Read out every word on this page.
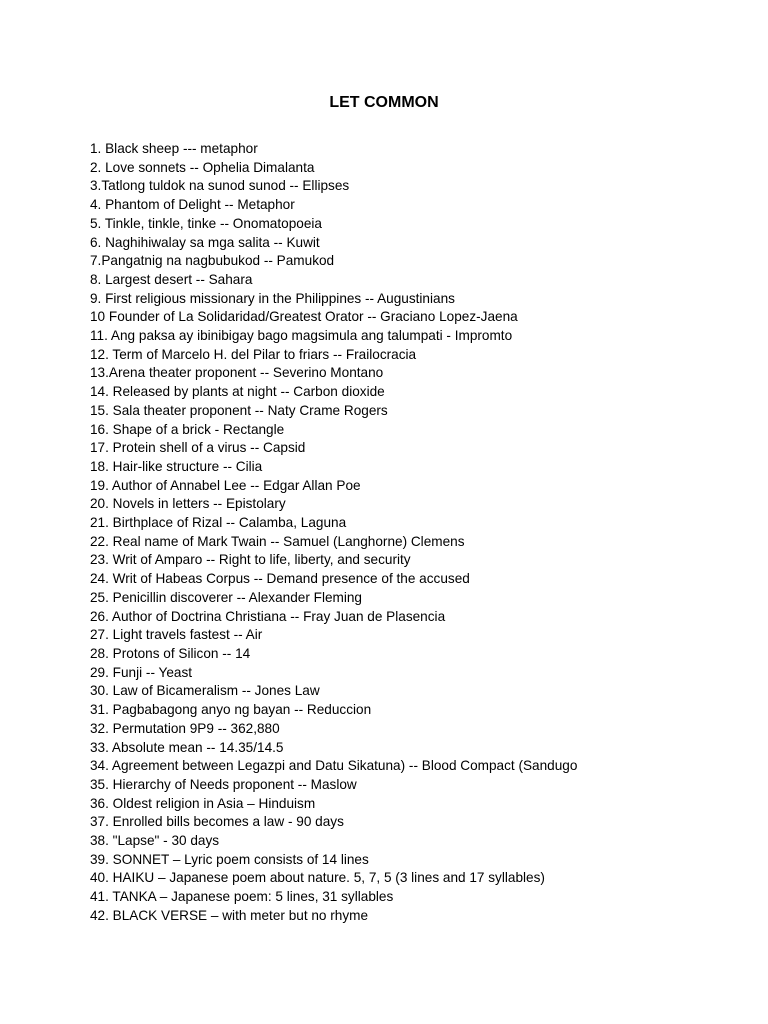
LET COMMON
1. Black sheep --- metaphor
2. Love sonnets -- Ophelia Dimalanta
3.Tatlong tuldok na sunod sunod -- Ellipses
4. Phantom of Delight -- Metaphor
5. Tinkle, tinkle, tinke -- Onomatopoeia
6. Naghihiwalay sa mga salita -- Kuwit
7.Pangatnig na nagbubukod -- Pamukod
8. Largest desert -- Sahara
9. First religious missionary in the Philippines -- Augustinians
10 Founder of La Solidaridad/Greatest Orator -- Graciano Lopez-Jaena
11. Ang paksa ay ibinibigay bago magsimula ang talumpati - Impromto
12. Term of Marcelo H. del Pilar to friars -- Frailocracia
13.Arena theater proponent -- Severino Montano
14. Released by plants at night -- Carbon dioxide
15. Sala theater proponent -- Naty Crame Rogers
16. Shape of a brick - Rectangle
17. Protein shell of a virus -- Capsid
18. Hair-like structure -- Cilia
19. Author of Annabel Lee -- Edgar Allan Poe
20. Novels in letters -- Epistolary
21. Birthplace of Rizal -- Calamba, Laguna
22. Real name of Mark Twain -- Samuel (Langhorne) Clemens
23. Writ of Amparo -- Right to life, liberty, and security
24. Writ of Habeas Corpus -- Demand presence of the accused
25. Penicillin discoverer -- Alexander Fleming
26. Author of Doctrina Christiana -- Fray Juan de Plasencia
27. Light travels fastest -- Air
28. Protons of Silicon -- 14
29. Funji -- Yeast
30. Law of Bicameralism -- Jones Law
31. Pagbabagong anyo ng bayan -- Reduccion
32. Permutation 9P9 -- 362,880
33. Absolute mean -- 14.35/14.5
34. Agreement between Legazpi and Datu Sikatuna) -- Blood Compact (Sandugo
35. Hierarchy of Needs proponent -- Maslow
36. Oldest religion in Asia – Hinduism
37. Enrolled bills becomes a law - 90 days
38. "Lapse" - 30 days
39. SONNET – Lyric poem consists of 14 lines
40. HAIKU – Japanese poem about nature. 5, 7, 5 (3 lines and 17 syllables)
41. TANKA – Japanese poem: 5 lines, 31 syllables
42. BLACK VERSE – with meter but no rhyme
